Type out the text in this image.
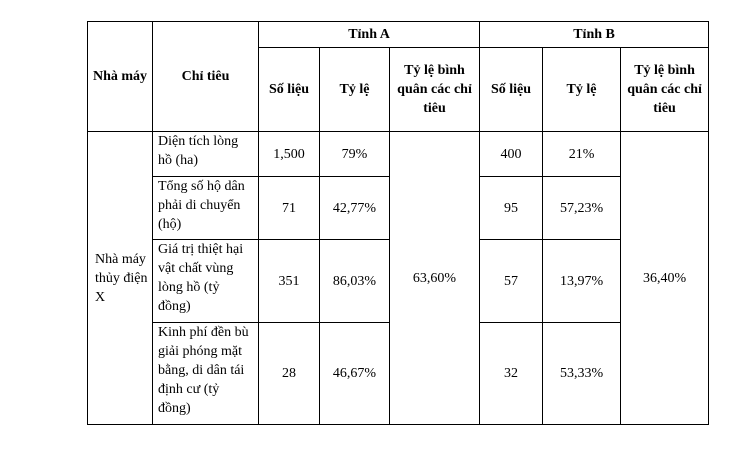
Nhà máy	Chỉ tiêu	Tỉnh A			Tỉnh B		
		Số liệu	Tỷ lệ	Tỷ lệ bình quân các chỉ tiêu	Số liệu	Tỷ lệ	Tỷ lệ bình quân các chỉ tiêu

Nhà máy thủy điện X	Diện tích lòng hồ (ha)	1,500	79%	63,60%	400	21%	36,40%
	Tổng số hộ dân phải di chuyển (hộ)	71	42,77%		95	57,23%	
	Giá trị thiệt hại vật chất vùng lòng hồ (tỷ đồng)	351	86,03%		57	13,97%	
	Kinh phí đền bù giải phóng mặt bằng, di dân tái định cư (tỷ đồng)	28	46,67%		32	53,33%	
